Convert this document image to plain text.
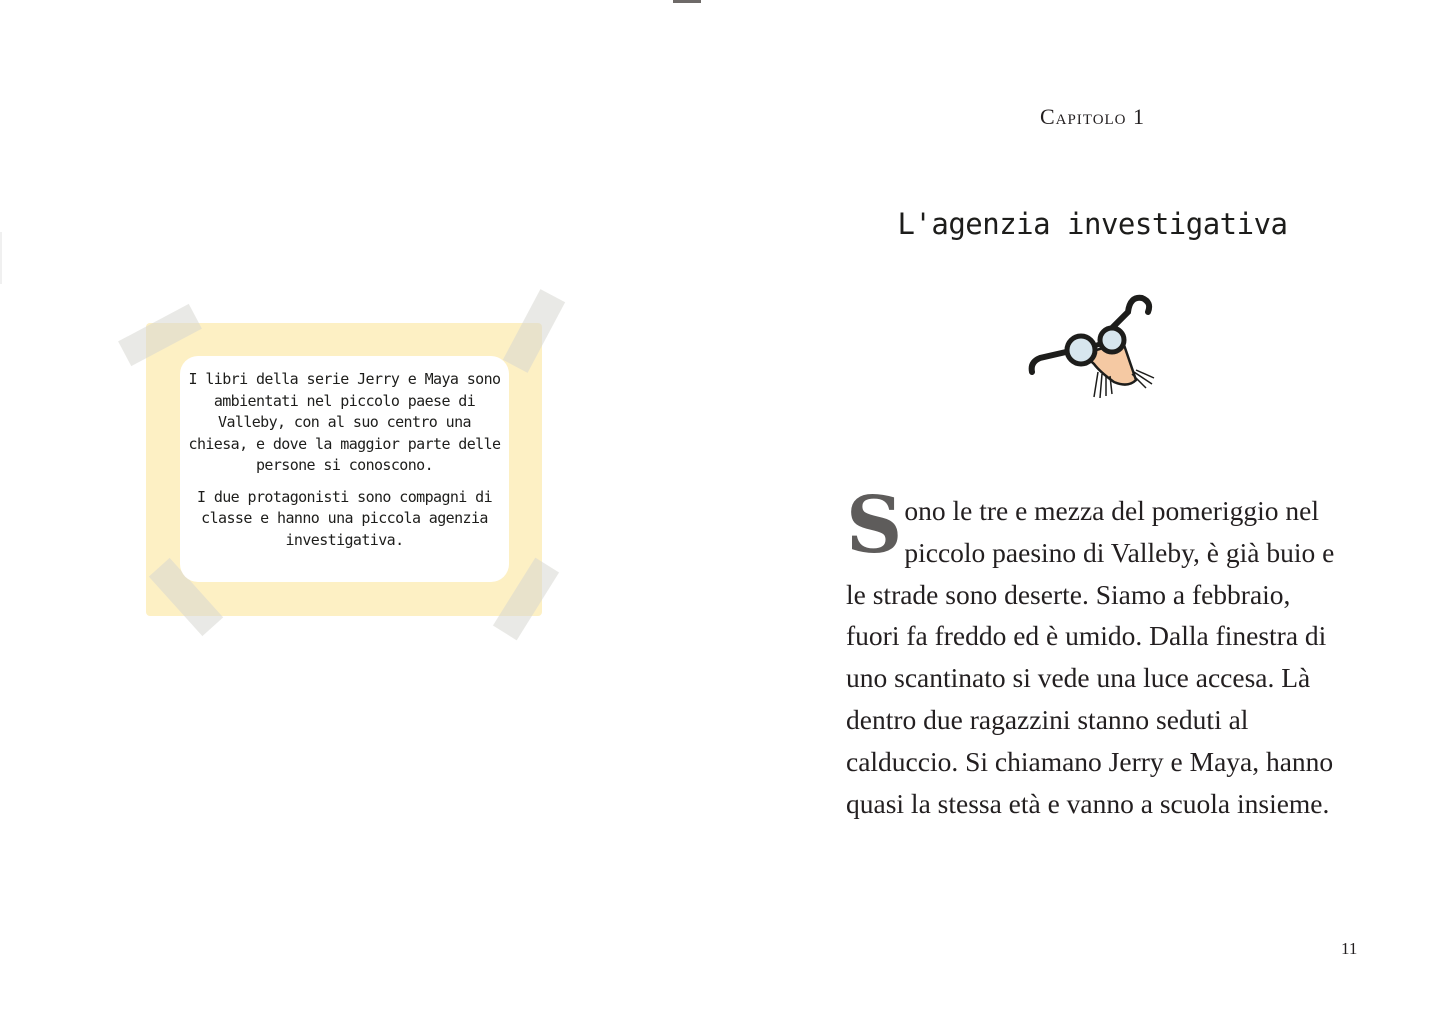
I libri della serie Jerry e Maya sono ambientati nel piccolo paese di Valleby, con al suo centro una chiesa, e dove la maggior parte delle persone si conoscono.

I due protagonisti sono compagni di classe e hanno una piccola agenzia investigativa.

Capitolo 1
L'agenzia investigativa
S ono le tre e mezza del pomeriggio nel piccolo paesino di Valleby, è già buio e le strade sono deserte. Siamo a febbraio, fuori fa freddo ed è umido. Dalla finestra di uno scantinato si vede una luce accesa. Là dentro due ragazzini stanno seduti al calduccio. Si chiamano Jerry e Maya, hanno quasi la stessa età e vanno a scuola insieme.

11
